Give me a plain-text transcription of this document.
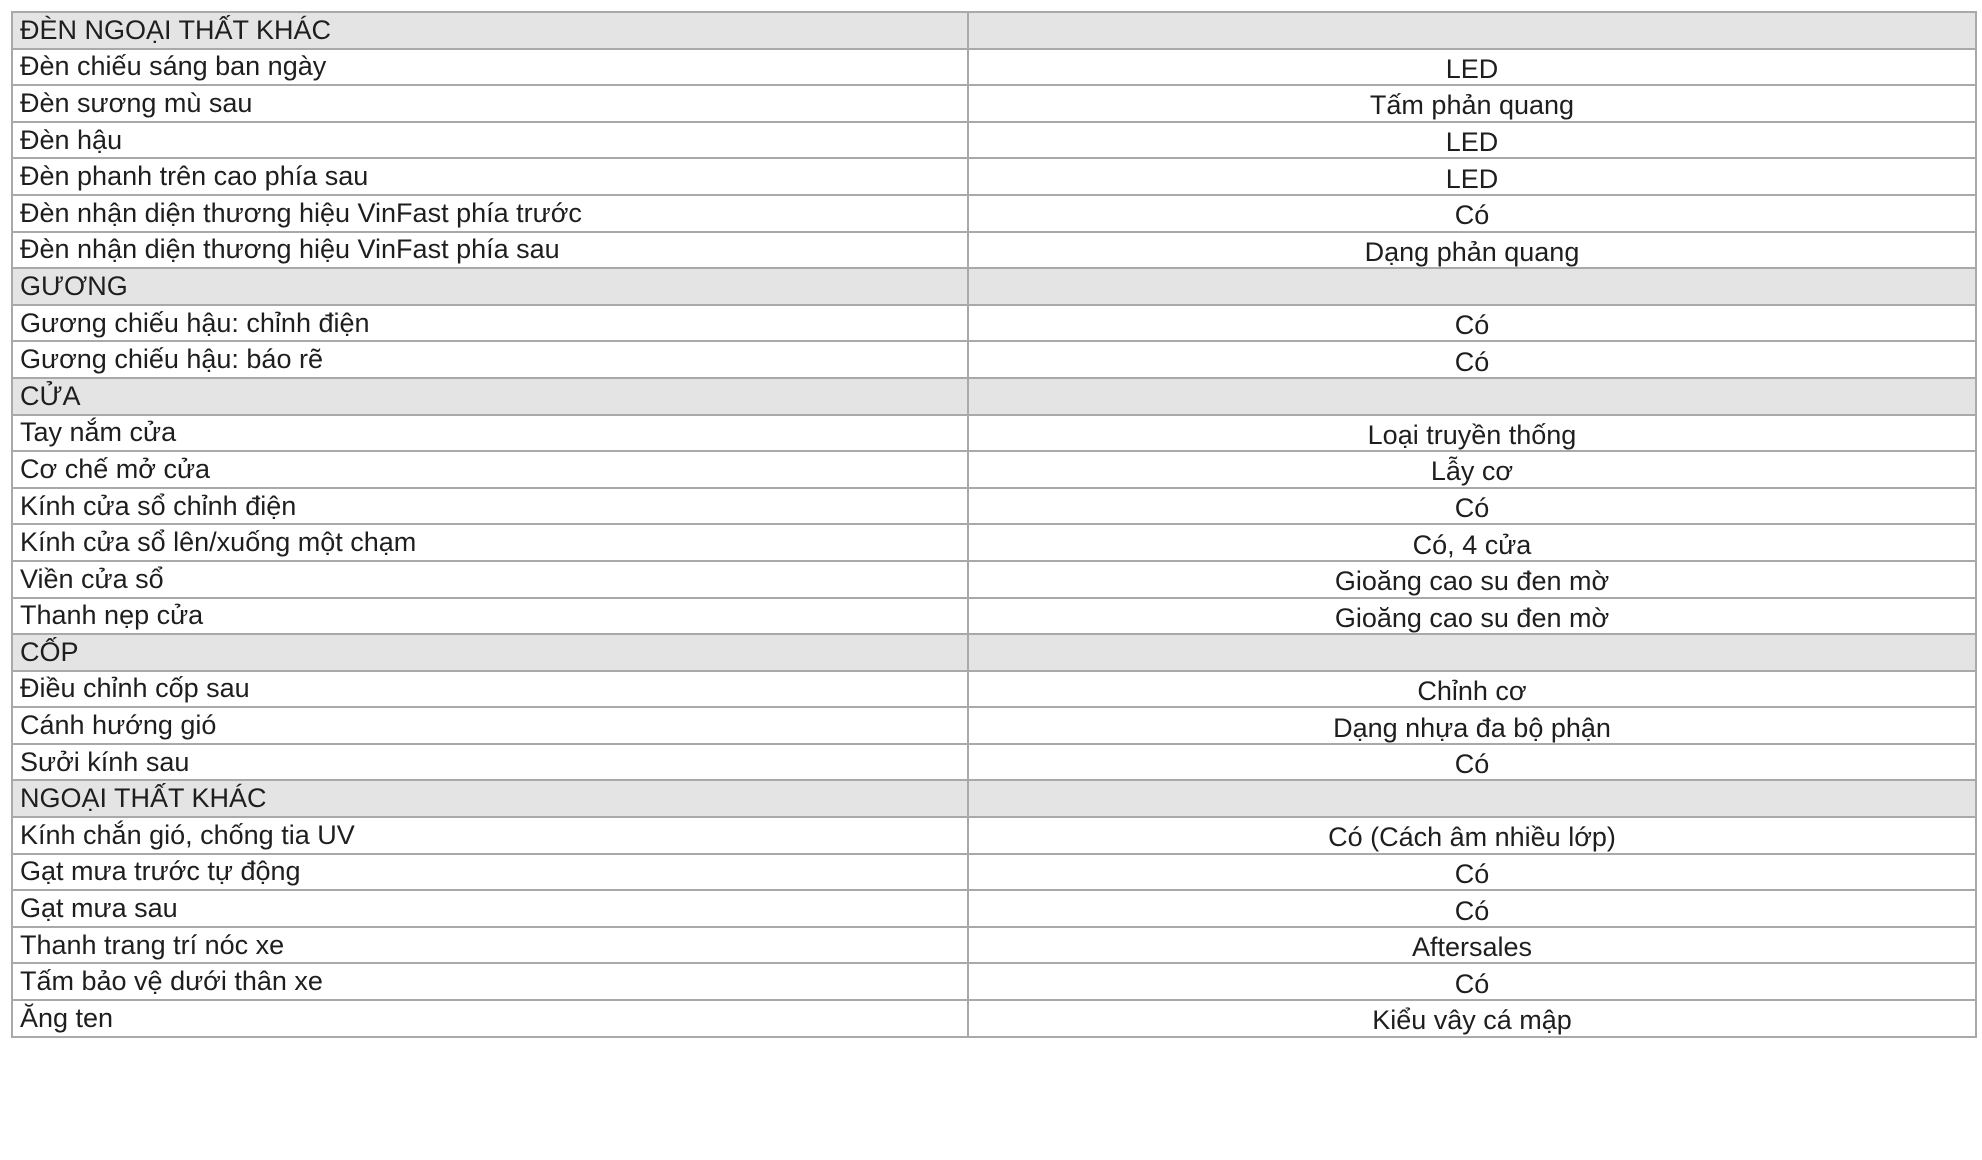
ĐÈN NGOẠI THẤT KHÁC	
Đèn chiếu sáng ban ngày	LED
Đèn sương mù sau	Tấm phản quang
Đèn hậu	LED
Đèn phanh trên cao phía sau	LED
Đèn nhận diện thương hiệu VinFast phía trước	Có
Đèn nhận diện thương hiệu VinFast phía sau	Dạng phản quang
GƯƠNG	
Gương chiếu hậu: chỉnh điện	Có
Gương chiếu hậu: báo rẽ	Có
CỬA	
Tay nắm cửa	Loại truyền thống
Cơ chế mở cửa	Lẫy cơ
Kính cửa sổ chỉnh điện	Có
Kính cửa sổ lên/xuống một chạm	Có, 4 cửa
Viền cửa sổ	Gioăng cao su đen mờ
Thanh nẹp cửa	Gioăng cao su đen mờ
CỐP	
Điều chỉnh cốp sau	Chỉnh cơ
Cánh hướng gió	Dạng nhựa đa bộ phận
Sưởi kính sau	Có
NGOẠI THẤT KHÁC	
Kính chắn gió, chống tia UV	Có (Cách âm nhiều lớp)
Gạt mưa trước tự động	Có
Gạt mưa sau	Có
Thanh trang trí nóc xe	Aftersales
Tấm bảo vệ dưới thân xe	Có
Ăng ten	Kiểu vây cá mập
